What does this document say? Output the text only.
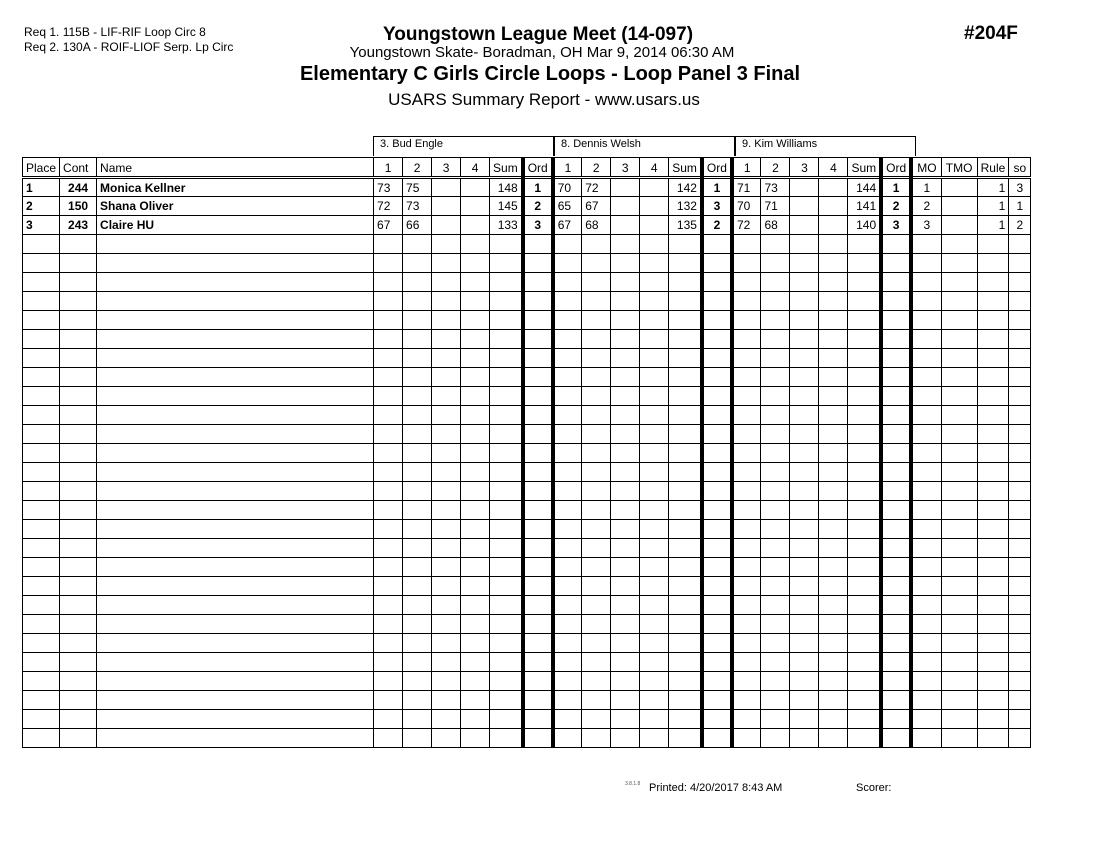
Req 1. 115B - LIF-RIF Loop Circ 8
Req 2. 130A - ROIF-LIOF Serp. Lp Circ
Youngstown League Meet (14-097)
Youngstown Skate- Boradman, OH Mar 9, 2014 06:30 AM
Elementary C Girls Circle Loops - Loop Panel 3 Final
USARS Summary Report - www.usars.us
#204F
3. Bud Engle	8. Dennis Welsh	9. Kim Williams
Place	Cont	Name	1	2	3	4	Sum	Ord	1	2	3	4	Sum	Ord	1	2	3	4	Sum	Ord	MO	TMO	Rule	so
1	244	Monica Kellner	73	75			148	1	70	72			142	1	71	73			144	1	1		1	3
2	150	Shana Oliver	72	73			145	2	65	67			132	3	70	71			141	2	2		1	1
3	243	Claire HU	67	66			133	3	67	68			135	2	72	68			140	3	3		1	2

3.8.1.8 Printed: 4/20/2017 8:43 AM	Scorer:
